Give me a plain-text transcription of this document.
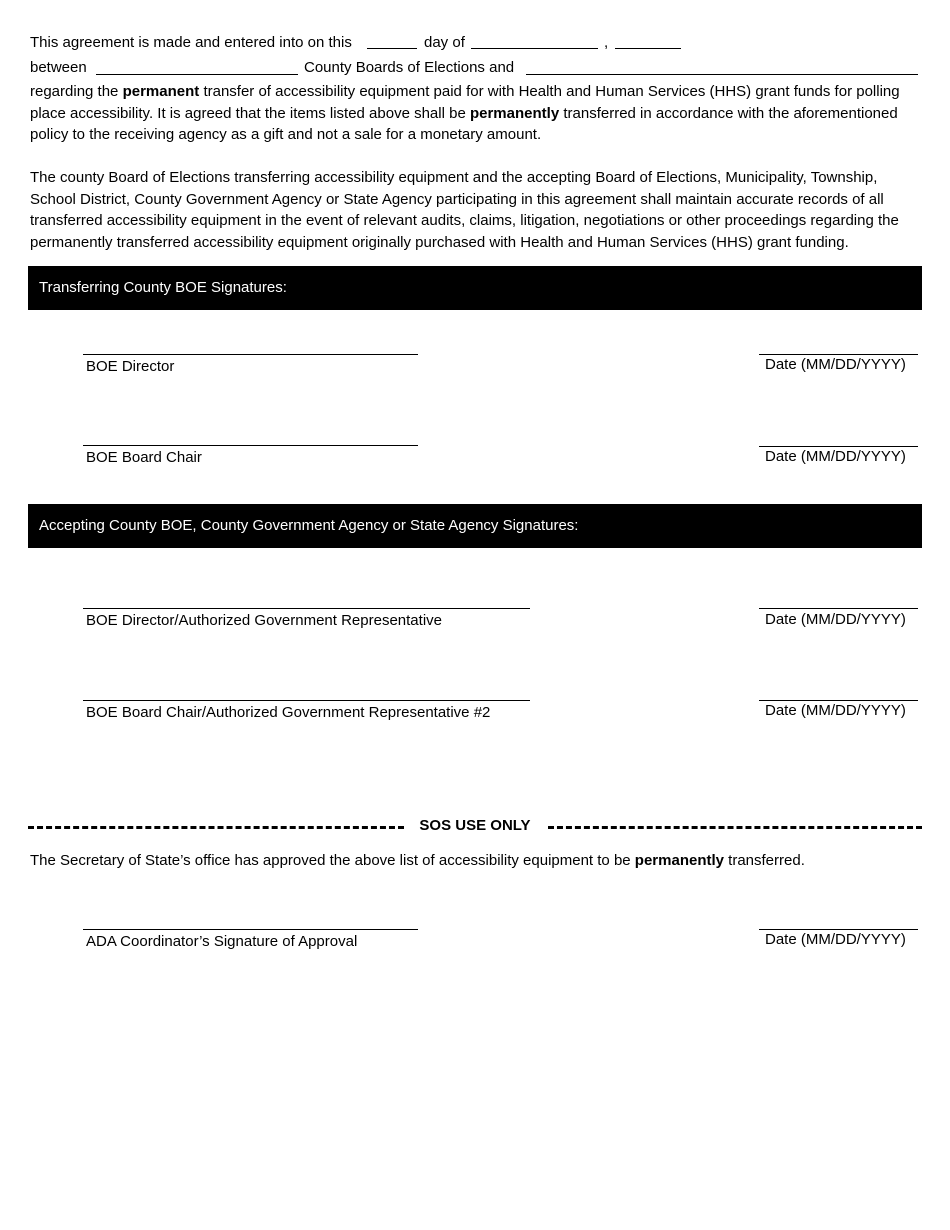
This agreement is made and entered into on this	day of	,
between	County Boards of Elections and

regarding the permanent transfer of accessibility equipment paid for with Health and Human Services (HHS) grant funds for polling place accessibility. It is agreed that the items listed above shall be permanently transferred in accordance with the aforementioned policy to the receiving agency as a gift and not a sale for a monetary amount.

The county Board of Elections transferring accessibility equipment and the accepting Board of Elections, Municipality, Township, School District, County Government Agency or State Agency participating in this agreement shall maintain accurate records of all transferred accessibility equipment in the event of relevant audits, claims, litigation, negotiations or other proceedings regarding the permanently transferred accessibility equipment originally purchased with Health and Human Services (HHS) grant funding.

Transferring County BOE Signatures:
BOE Director	Date (MM/DD/YYYY)
BOE Board Chair	Date (MM/DD/YYYY)
Accepting County BOE, County Government Agency or State Agency Signatures:
BOE Director/Authorized Government Representative	Date (MM/DD/YYYY)
BOE Board Chair/Authorized Government Representative #2	Date (MM/DD/YYYY)
SOS USE ONLY

The Secretary of State’s office has approved the above list of accessibility equipment to be permanently transferred.

ADA Coordinator’s Signature of Approval	Date (MM/DD/YYYY)
